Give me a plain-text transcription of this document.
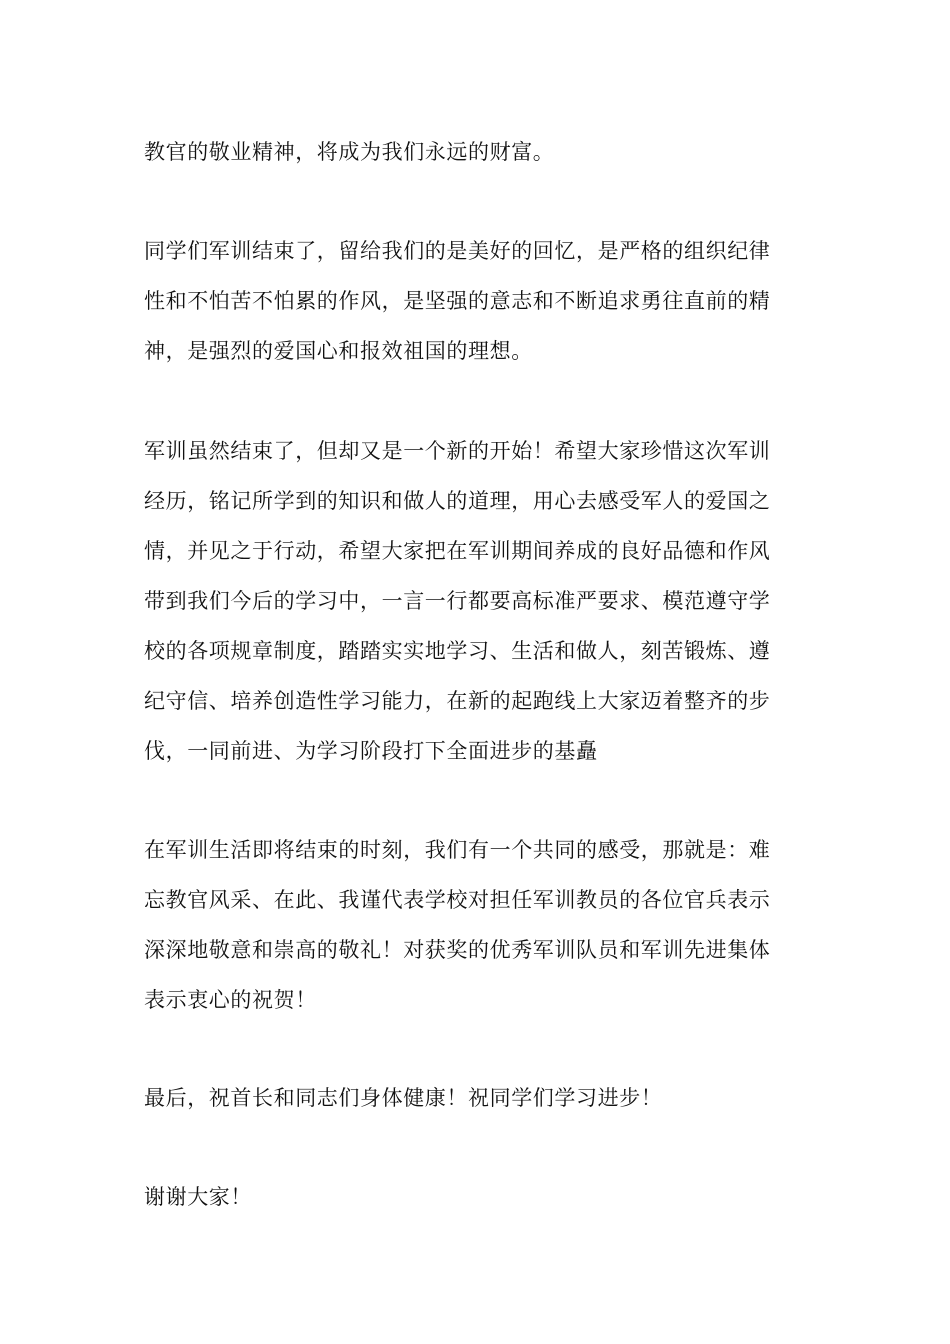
教官的敬业精神，将成为我们永远的财富。

同学们军训结束了，留给我们的是美好的回忆，是严格的组织纪律
性和不怕苦不怕累的作风，是坚强的意志和不断追求勇往直前的精
神，是强烈的爱国心和报效祖国的理想。

军训虽然结束了，但却又是一个新的开始！希望大家珍惜这次军训
经历，铭记所学到的知识和做人的道理，用心去感受军人的爱国之
情，并见之于行动，希望大家把在军训期间养成的良好品德和作风
带到我们今后的学习中，一言一行都要高标准严要求、模范遵守学
校的各项规章制度，踏踏实实地学习、生活和做人，刻苦锻炼、遵
纪守信、培养创造性学习能力，在新的起跑线上大家迈着整齐的步
伐，一同前进、为学习阶段打下全面进步的基矗

在军训生活即将结束的时刻，我们有一个共同的感受，那就是：难
忘教官风采、在此、我谨代表学校对担任军训教员的各位官兵表示
深深地敬意和崇高的敬礼！对获奖的优秀军训队员和军训先进集体
表示衷心的祝贺！

最后，祝首长和同志们身体健康！祝同学们学习进步！

谢谢大家！
